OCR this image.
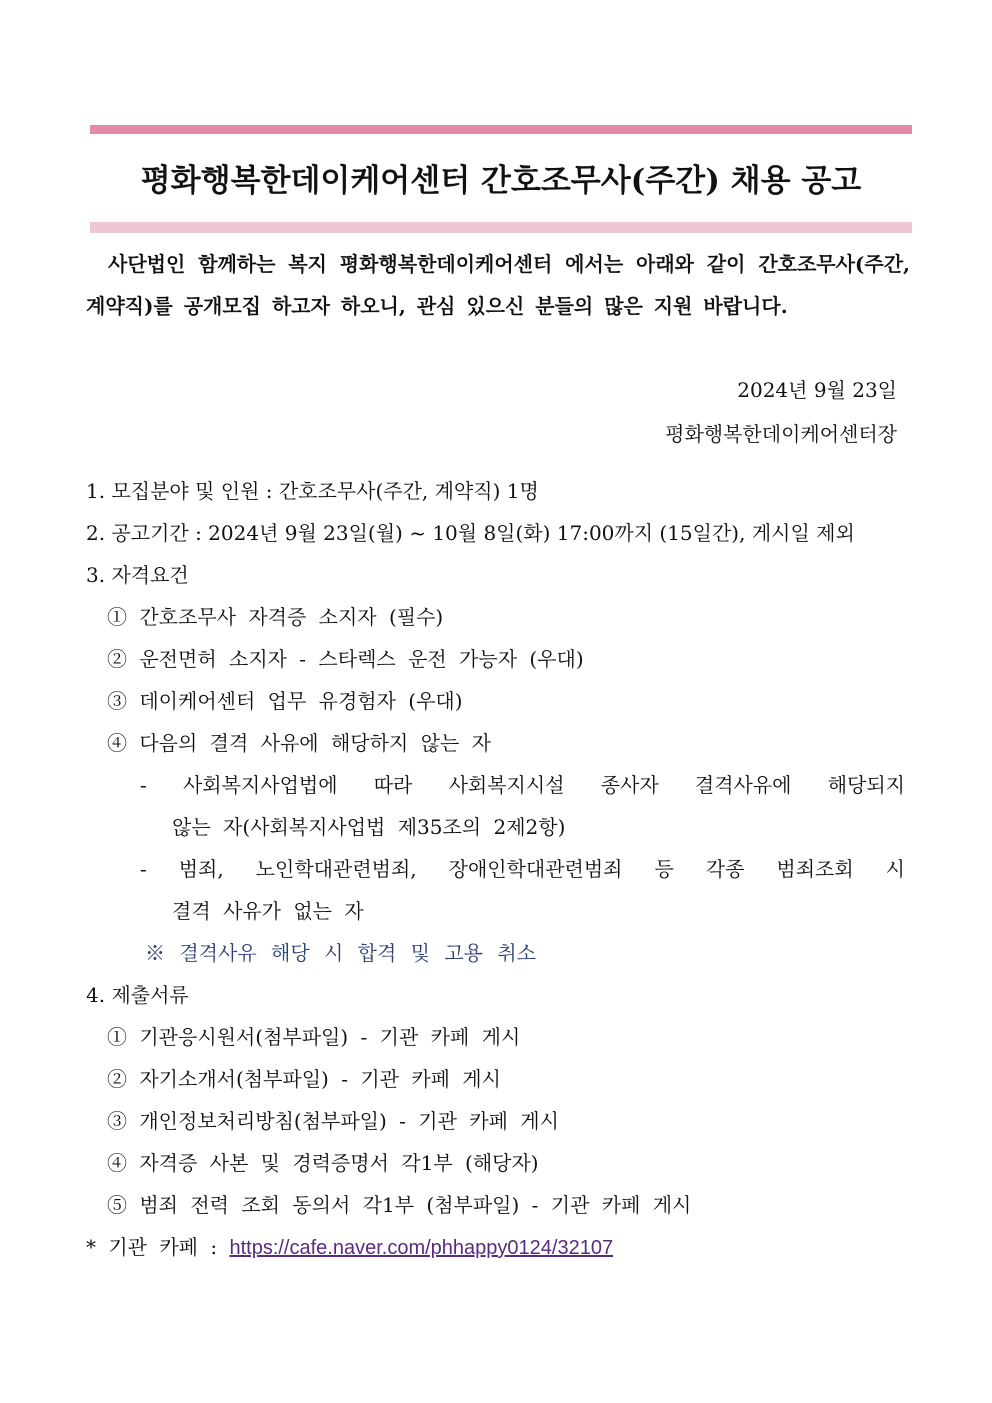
평화행복한데이케어센터 간호조무사(주간) 채용 공고
사단법인 함께하는 복지 평화행복한데이케어센터 에서는 아래와 같이 간호조무사(주간, 계약직)를 공개모집 하고자 하오니, 관심 있으신 분들의 많은 지원 바랍니다.
2024년 9월 23일
평화행복한데이케어센터장
1. 모집분야 및 인원 : 간호조무사(주간, 계약직) 1명
2. 공고기간 : 2024년 9월 23일(월) ~ 10월 8일(화) 17:00까지 (15일간), 게시일 제외
3. 자격요건
① 간호조무사 자격증 소지자 (필수)
② 운전면허 소지자 - 스타렉스 운전 가능자 (우대)
③ 데이케어센터 업무 유경험자 (우대)
④ 다음의 결격 사유에 해당하지 않는 자
- 사회복지사업법에 따라 사회복지시설 종사자 결격사유에 해당되지
않는 자(사회복지사업법 제35조의 2제2항)
- 범죄, 노인학대관련범죄, 장애인학대관련범죄 등 각종 범죄조회 시
결격 사유가 없는 자
※ 결격사유 해당 시 합격 및 고용 취소
4. 제출서류
① 기관응시원서(첨부파일) - 기관 카페 게시
② 자기소개서(첨부파일) - 기관 카페 게시
③ 개인정보처리방침(첨부파일) - 기관 카페 게시
④ 자격증 사본 및 경력증명서 각1부 (해당자)
⑤ 범죄 전력 조회 동의서 각1부 (첨부파일) - 기관 카페 게시
* 기관 카페 : https://cafe.naver.com/phhappy0124/32107
